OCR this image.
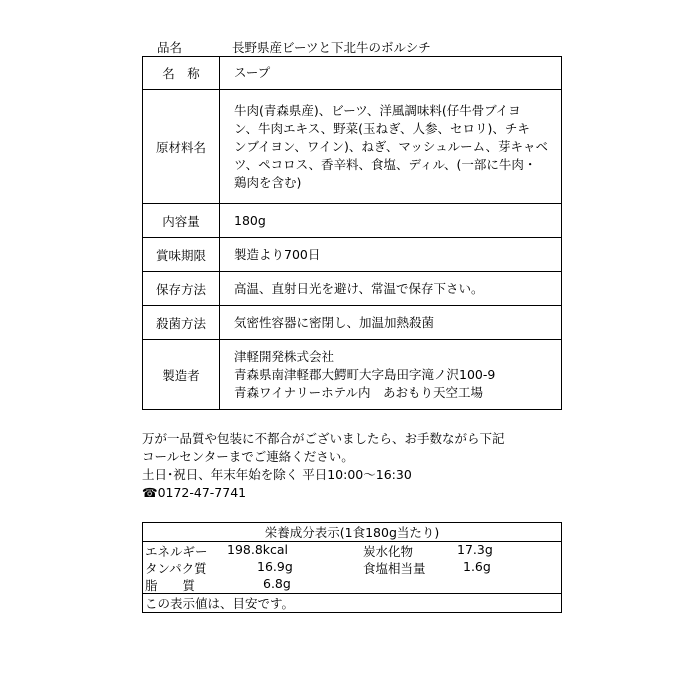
品名	長野県産ビーツと下北牛のボルシチ
名　称	スープ
原材料名	牛肉(青森県産)、ビーツ、洋風調味料(仔牛骨ブイヨ
ン、牛肉エキス、野菜(玉ねぎ、人参、セロリ)、チキ
ンブイヨン、ワイン)、ねぎ、マッシュルーム、芽キャベ
ツ、ペコロス、香辛料、食塩、ディル、(一部に牛肉・
鶏肉を含む)

内容量	180g
賞味期限	製造より700日
保存方法	高温、直射日光を避け、常温で保存下さい。
殺菌方法	気密性容器に密閉し、加温加熱殺菌
製造者	津軽開発株式会社
青森県南津軽郡大鰐町大字島田字滝ノ沢100-9
青森ワイナリーホテル内　あおもり天空工場
万が一品質や包装に不都合がございましたら、お手数ながら下記
コールセンターまでご連絡ください。
土日･祝日、年末年始を除く 平日10:00～16:30
☎0172-47-7741
栄養成分表示(1食180g当たり)

エネルギー 198.8kcal	炭水化物	17.3g
タンパク質	16.9g	食塩相当量	1.6g
脂　　質	6.8g

この表示値は、目安です。
